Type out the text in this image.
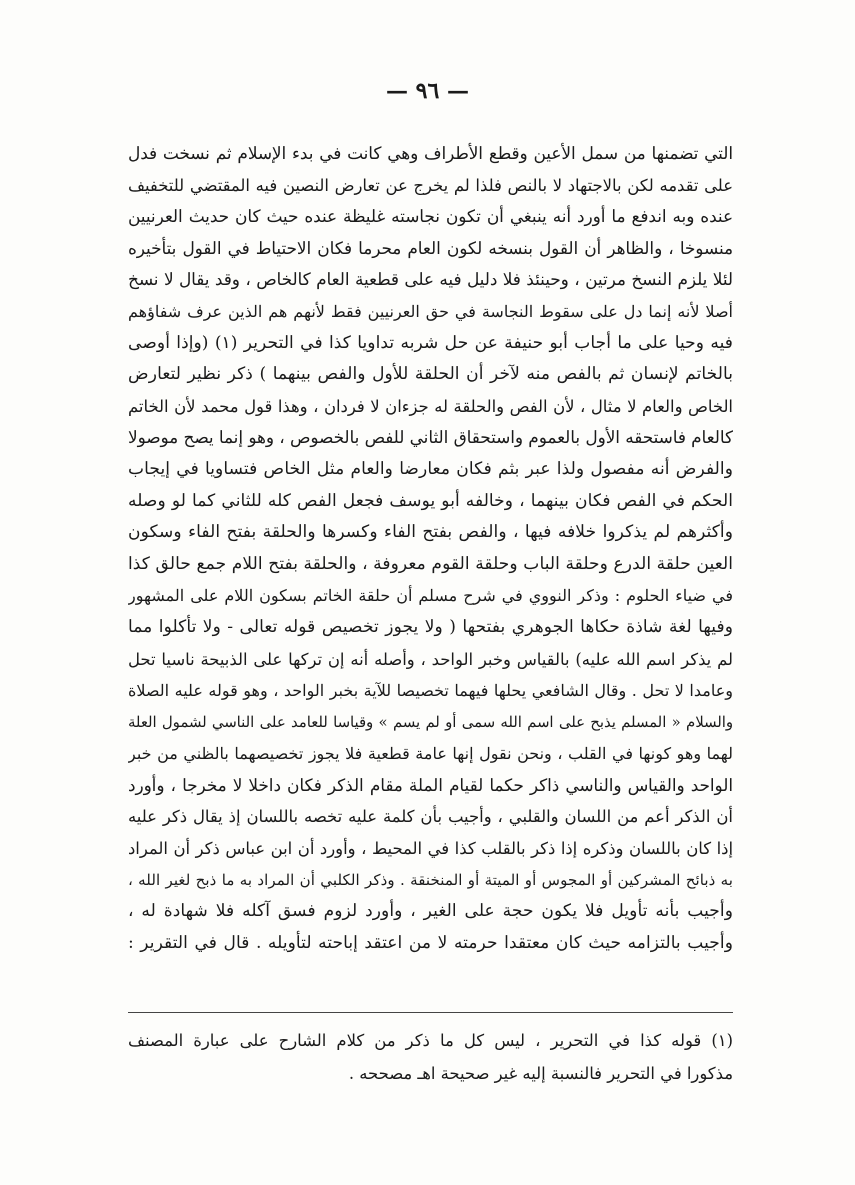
— ٩٦ —
التي تضمنها من سمل الأعين وقطع الأطراف وهي كانت في بدء الإسلام ثم نسخت فدل
على تقدمه لكن بالاجتهاد لا بالنص فلذا لم يخرج عن تعارض النصين فيه المقتضي للتخفيف
عنده وبه اندفع ما أورد أنه ينبغي أن تكون نجاسته غليظة عنده حيث كان حديث العرنيين
منسوخا ، والظاهر أن القول بنسخه لكون العام محرما فكان الاحتياط في القول بتأخيره
لئلا يلزم النسخ مرتين ، وحينئذ فلا دليل فيه على قطعية العام كالخاص ، وقد يقال لا نسخ
أصلا لأنه إنما دل على سقوط النجاسة في حق العرنيين فقط لأنهم هم الذين عرف شفاؤهم
فيه وحيا على ما أجاب أبو حنيفة عن حل شربه تداويا كذا في التحرير (١) (وإذا أوصى
بالخاتم لإنسان ثم بالفص منه لآخر أن الحلقة للأول والفص بينهما ) ذكر نظير لتعارض
الخاص والعام لا مثال ، لأن الفص والحلقة له جزءان لا فردان ، وهذا قول محمد لأن الخاتم
كالعام فاستحقه الأول بالعموم واستحقاق الثاني للفص بالخصوص ، وهو إنما يصح موصولا
والفرض أنه مفصول ولذا عبر بثم فكان معارضا والعام مثل الخاص فتساويا في إيجاب
الحكم في الفص فكان بينهما ، وخالفه أبو يوسف فجعل الفص كله للثاني كما لو وصله
وأكثرهم لم يذكروا خلافه فيها ، والفص بفتح الفاء وكسرها والحلقة بفتح الفاء وسكون
العين حلقة الدرع وحلقة الباب وحلقة القوم معروفة ، والحلقة بفتح اللام جمع حالق كذا
في ضياء الحلوم : وذكر النووي في شرح مسلم أن حلقة الخاتم بسكون اللام على المشهور
وفيها لغة شاذة حكاها الجوهري بفتحها ( ولا يجوز تخصيص قوله تعالى - ولا تأكلوا مما
لم يذكر اسم الله عليه) بالقياس وخبر الواحد ، وأصله أنه إن تركها على الذبيحة ناسيا تحل
وعامدا لا تحل . وقال الشافعي يحلها فيهما تخصيصا للآية بخبر الواحد ، وهو قوله عليه الصلاة
والسلام « المسلم يذبح على اسم الله سمى أو لم يسم » وقياسا للعامد على الناسي لشمول العلة
لهما وهو كونها في القلب ، ونحن نقول إنها عامة قطعية فلا يجوز تخصيصهما بالظني من خبر
الواحد والقياس والناسي ذاكر حكما لقيام الملة مقام الذكر فكان داخلا لا مخرجا ، وأورد
أن الذكر أعم من اللسان والقلبي ، وأجيب بأن كلمة عليه تخصه باللسان إذ يقال ذكر عليه
إذا كان باللسان وذكره إذا ذكر بالقلب كذا في المحيط ، وأورد أن ابن عباس ذكر أن المراد
به ذبائح المشركين أو المجوس أو الميتة أو المنخنقة . وذكر الكلبي أن المراد به ما ذبح لغير الله ،
وأجيب بأنه تأويل فلا يكون حجة على الغير ، وأورد لزوم فسق آكله فلا شهادة له ،
وأجيب بالتزامه حيث كان معتقدا حرمته لا من اعتقد إباحته لتأويله . قال في التقرير :
(١) قوله كذا في التحرير ، ليس كل ما ذكر من كلام الشارح على عبارة المصنف
مذكورا في التحرير فالنسبة إليه غير صحيحة اهـ مصححه .
